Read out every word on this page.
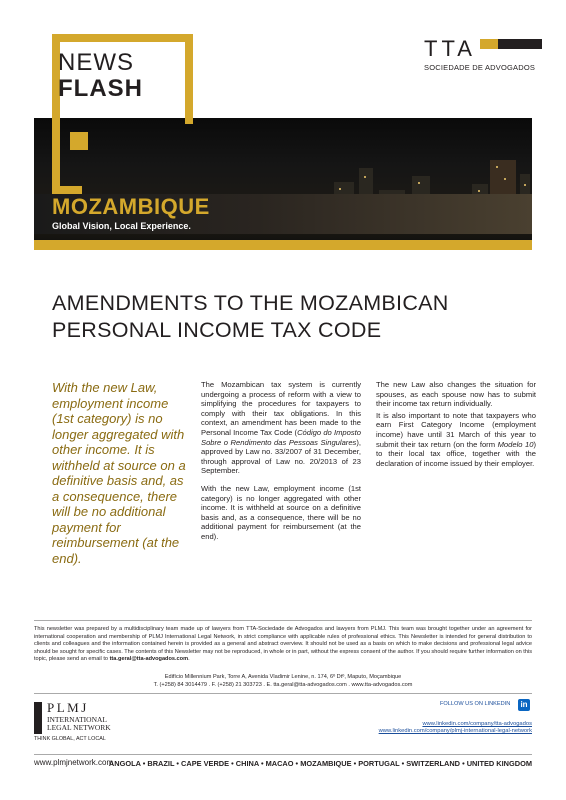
NEWS
FLASH
TTA
SOCIEDADE DE ADVOGADOS
MOZAMBIQUE
Global Vision, Local Experience.
AMENDMENTS TO THE MOZAMBICAN
PERSONAL INCOME TAX CODE
With the new Law, employment income (1st category) is no longer aggregated with other income. It is withheld at source on a definitive basis and, as a consequence, there will be no additional payment for reimbursement (at the end).

The Mozambican tax system is currently undergoing a process of reform with a view to simplifying the procedures for taxpayers to comply with their tax obligations. In this context, an amendment has been made to the Personal Income Tax Code (Código do Imposto Sobre o Rendimento das Pessoas Singulares), approved by Law no. 33/2007 of 31 December, through approval of Law no. 20/2013 of 23 September.

With the new Law, employment income (1st category) is no longer aggregated with other income. It is withheld at source on a definitive basis and, as a consequence, there will be no additional payment for reimbursement (at the end).

The new Law also changes the situation for spouses, as each spouse now has to submit their income tax return individually.

It is also important to note that taxpayers who earn First Category Income (employment income) have until 31 March of this year to submit their tax return (on the form Modelo 10) to their local tax office, together with the declaration of income issued by their employer.

This newsletter was prepared by a multidisciplinary team made up of lawyers from TTA-Sociedade de Advogados and lawyers from PLMJ. This team was brought together under an agreement for international cooperation and membership of PLMJ International Legal Network, in strict compliance with applicable rules of professional ethics. This Newsletter is intended for general distribution to clients and colleagues and the information contained herein is provided as a general and abstract overview. It should not be used as a basis on which to make decisions and professional legal advice should be sought for specific cases. The contents of this Newsletter may not be reproduced, in whole or in part, without the express consent of the author. If you should require further information on this topic, please send an email to tta.geral@tta-advogados.com.
Edifício Millennium Park, Torre A, Avenida Vladimir Lenine, n. 174, 6º Dtº, Maputo, Moçambique
T. (+258) 84 3014479 . F. (+258) 21 303723 . E. tta.geral@tta-advogados.com . www.tta-advogados.com
PLMJ
INTERNATIONAL
LEGAL NETWORK
THINK GLOBAL, ACT LOCAL
FOLLOW US ON LINKEDIN	in
www.linkedin.com/company/tta-advogados
www.linkedin.com/company/plmj-international-legal-network
www.plmjnetwork.com
ANGOLA • BRAZIL • CAPE VERDE • CHINA • MACAO • MOZAMBIQUE • PORTUGAL • SWITZERLAND • UNITED KINGDOM
